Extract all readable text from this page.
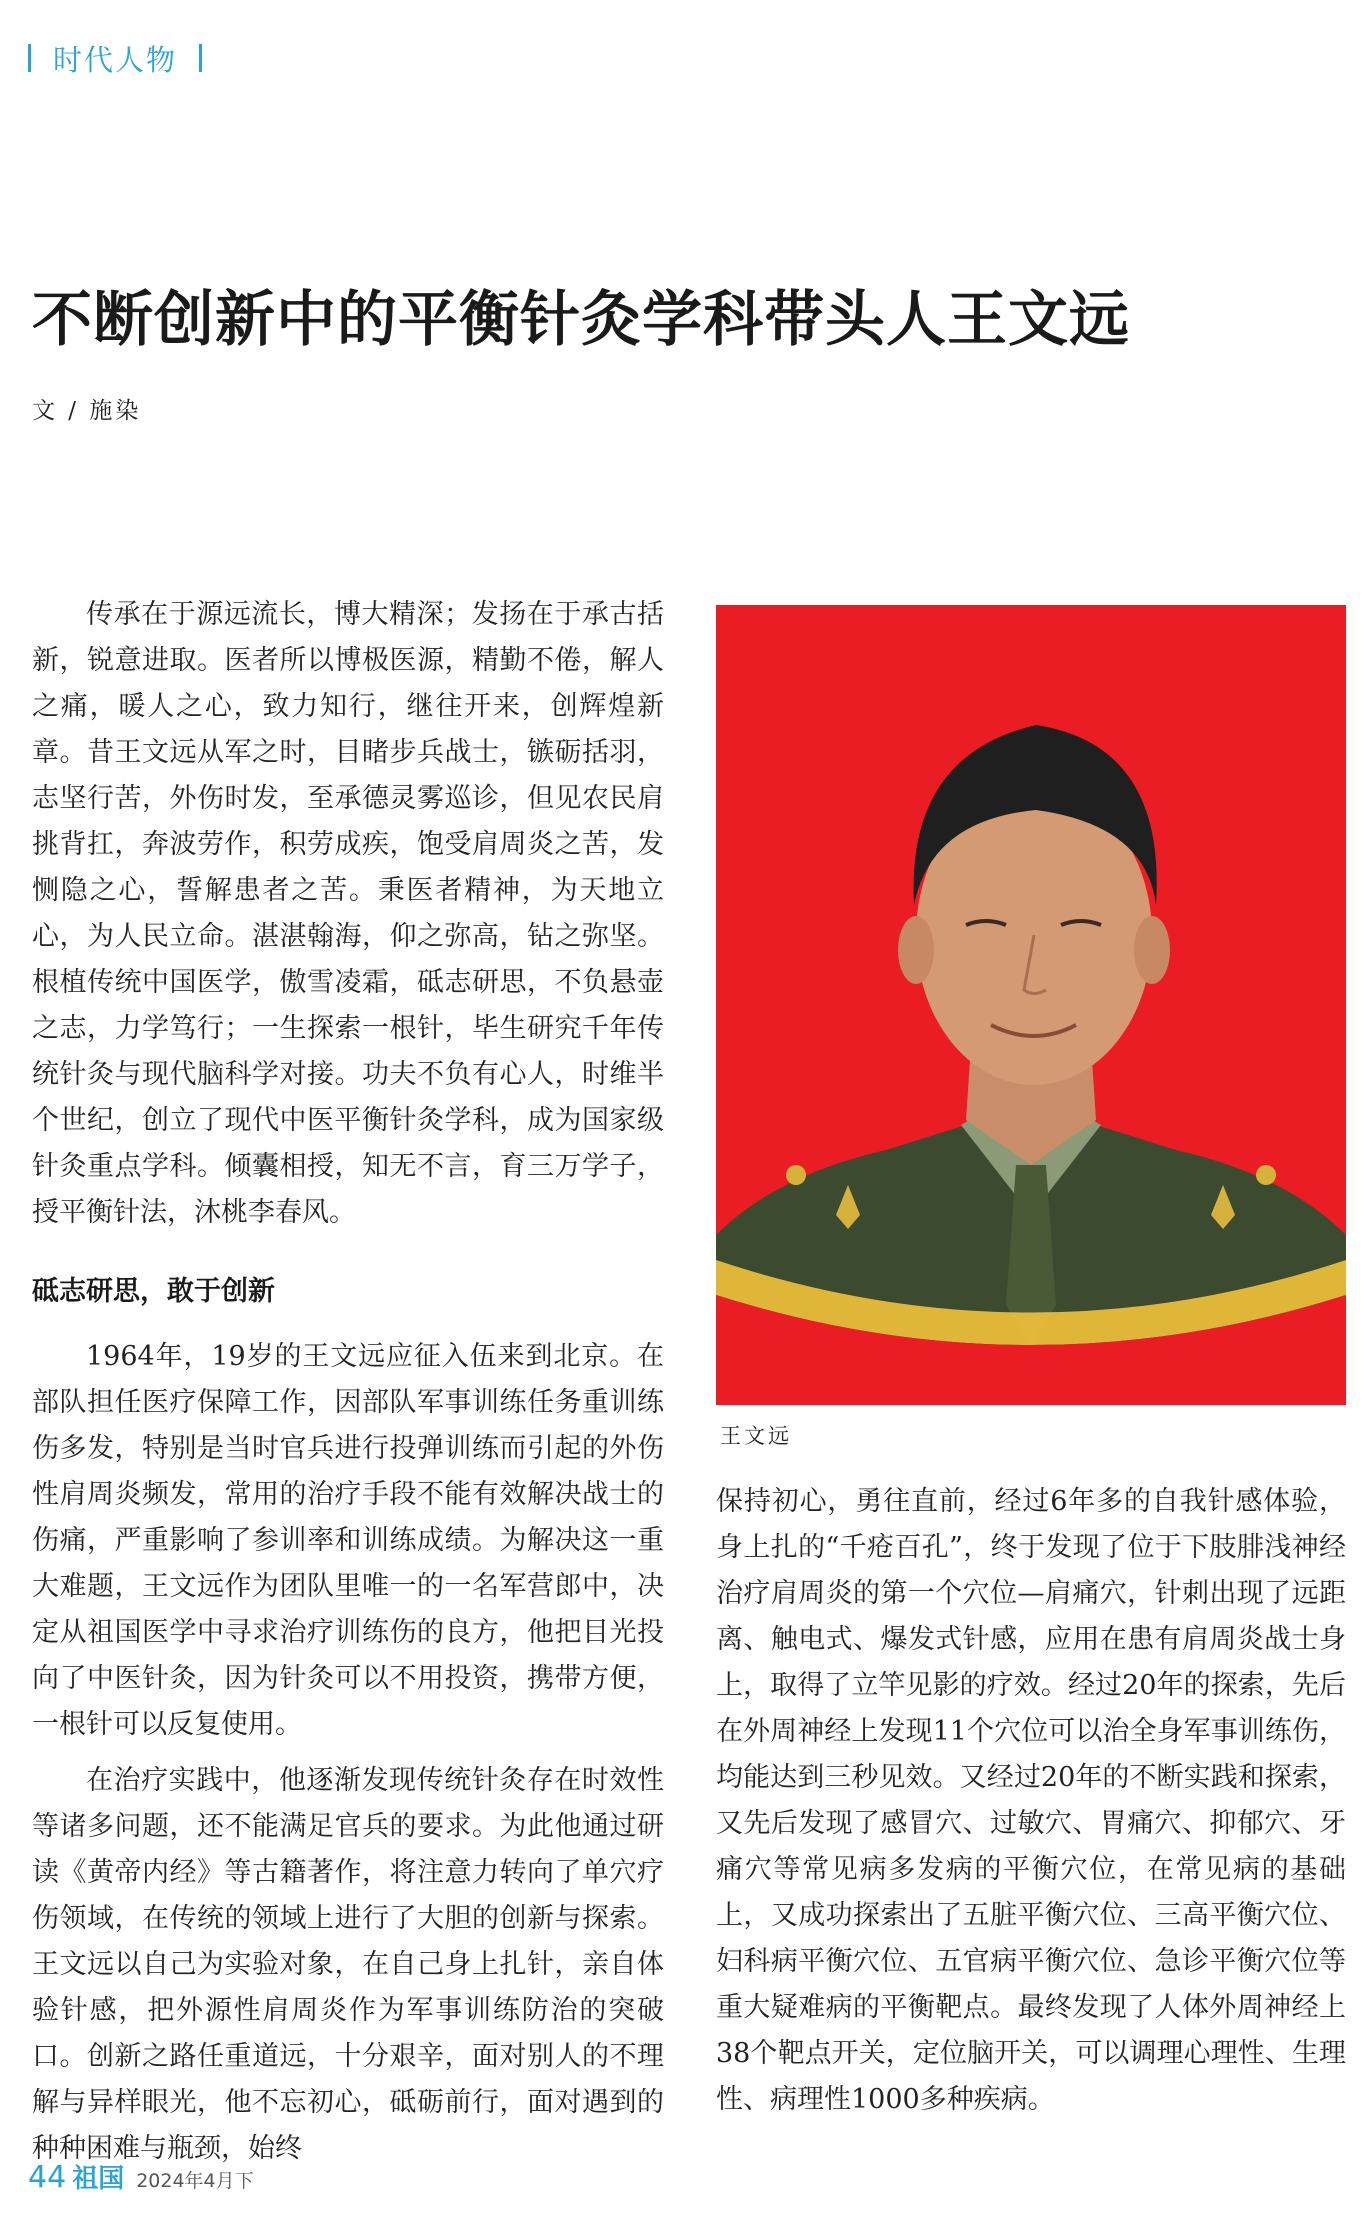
时代人物
不断创新中的平衡针灸学科带头人王文远
文 / 施染

传承在于源远流长，博大精深；发扬在于承古括新，锐意进取。医者所以博极医源，精勤不倦，解人之痛，暖人之心，致力知行，继往开来，创辉煌新章。昔王文远从军之时，目睹步兵战士，镞砺括羽，志坚行苦，外伤时发，至承德灵雾巡诊，但见农民肩挑背扛，奔波劳作，积劳成疾，饱受肩周炎之苦，发恻隐之心，誓解患者之苦。秉医者精神，为天地立心，为人民立命。湛湛翰海，仰之弥高，钻之弥坚。根植传统中国医学，傲雪凌霜，砥志研思，不负悬壶之志，力学笃行；一生探索一根针，毕生研究千年传统针灸与现代脑科学对接。功夫不负有心人，时维半个世纪，创立了现代中医平衡针灸学科，成为国家级针灸重点学科。倾囊相授，知无不言，育三万学子，授平衡针法，沐桃李春风。

砥志研思，敢于创新

1964年，19岁的王文远应征入伍来到北京。在部队担任医疗保障工作，因部队军事训练任务重训练伤多发，特别是当时官兵进行投弹训练而引起的外伤性肩周炎频发，常用的治疗手段不能有效解决战士的伤痛，严重影响了参训率和训练成绩。为解决这一重大难题，王文远作为团队里唯一的一名军营郎中，决定从祖国医学中寻求治疗训练伤的良方，他把目光投向了中医针灸，因为针灸可以不用投资，携带方便，一根针可以反复使用。

在治疗实践中，他逐渐发现传统针灸存在时效性等诸多问题，还不能满足官兵的要求。为此他通过研读《黄帝内经》等古籍著作，将注意力转向了单穴疗伤领域，在传统的领域上进行了大胆的创新与探索。王文远以自己为实验对象，在自己身上扎针，亲自体验针感，把外源性肩周炎作为军事训练防治的突破口。创新之路任重道远，十分艰辛，面对别人的不理解与异样眼光，他不忘初心，砥砺前行，面对遇到的种种困难与瓶颈，始终

王文远

保持初心，勇往直前，经过6年多的自我针感体验，身上扎的“千疮百孔”，终于发现了位于下肢腓浅神经治疗肩周炎的第一个穴位—肩痛穴，针刺出现了远距离、触电式、爆发式针感，应用在患有肩周炎战士身上，取得了立竿见影的疗效。经过20年的探索，先后在外周神经上发现11个穴位可以治全身军事训练伤，均能达到三秒见效。又经过20年的不断实践和探索，又先后发现了感冒穴、过敏穴、胃痛穴、抑郁穴、牙痛穴等常见病多发病的平衡穴位，在常见病的基础上，又成功探索出了五脏平衡穴位、三高平衡穴位、妇科病平衡穴位、五官病平衡穴位、急诊平衡穴位等重大疑难病的平衡靶点。最终发现了人体外周神经上38个靶点开关，定位脑开关，可以调理心理性、生理性、病理性1000多种疾病。

44 祖国 2024年4月下
